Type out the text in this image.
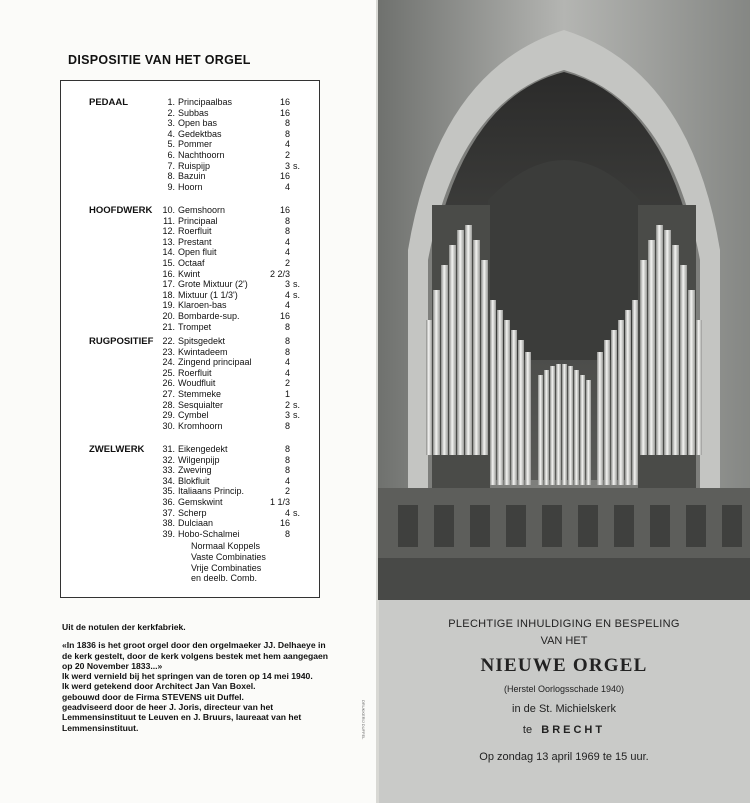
DISPOSITIE VAN HET ORGEL
PEDAAL	1. Principaalbas	16
2. Subbas	16
3. Open bas	8
4. Gedektbas	8
5. Pommer	4
6. Nachthoorn	2
7. Ruispijp	3 s.
8. Bazuin	16
9. Hoorn	4
HOOFDWERK 10. Gemshoorn	16
11. Principaal	8
12. Roerfluit	8
13. Prestant	4
14. Open fluit	4
15. Octaaf	2
16. Kwint	2 2/3
17. Grote Mixtuur (2')	3 s.
18. Mixtuur (1 1/3')	4 s.
19. Klaroen-bas	4
20. Bombarde-sup.	16
21. Trompet	8
RUGPOSITIEF 22. Spitsgedekt	8
23. Kwintadeem	8
24. Zingend principaal	4
25. Roerfluit	4
26. Woudfluit	2
27. Stemmeke	1
28. Sesquialter	2 s.
29. Cymbel	3 s.
30. Kromhoorn	8
ZWELWERK 31. Eikengedekt	8
32. Wilgenpijp	8
33. Zweving	8
34. Blokfluit	4
35. Italiaans Princip.	2
36. Gemskwint	1 1/3
37. Scherp	4 s.
38. Dulciaan	16
39. Hobo-Schalmei	8
Normaal Koppels
Vaste Combinaties
Vrije Combinaties
en deelb. Comb.

Uit de notulen der kerkfabriek.

«In 1836 is het groot orgel door den orgelmaeker JJ. Delhaeye in de kerk gestelt, door de kerk volgens bestek met hem aangegaen op 20 November 1833...»

Ik werd vernield bij het springen van de toren op 14 mei 1940.

Ik werd getekend door Architect Jan Van Boxel.

gebouwd door de Firma STEVENS uit Duffel.

geadviseerd door de heer J. Joris, directeur van het Lemmensinstituut te Leuven en J. Bruurs, laureaat van het Lemmensinstituut.	DRUKKERIJ DUFFEL
PLECHTIGE INHULDIGING EN BESPELING
VAN HET
NIEUWE ORGEL
(Herstel Oorlogsschade 1940)
in de St. Michielskerk
te BRECHT
Op zondag 13 april 1969 te 15 uur.
